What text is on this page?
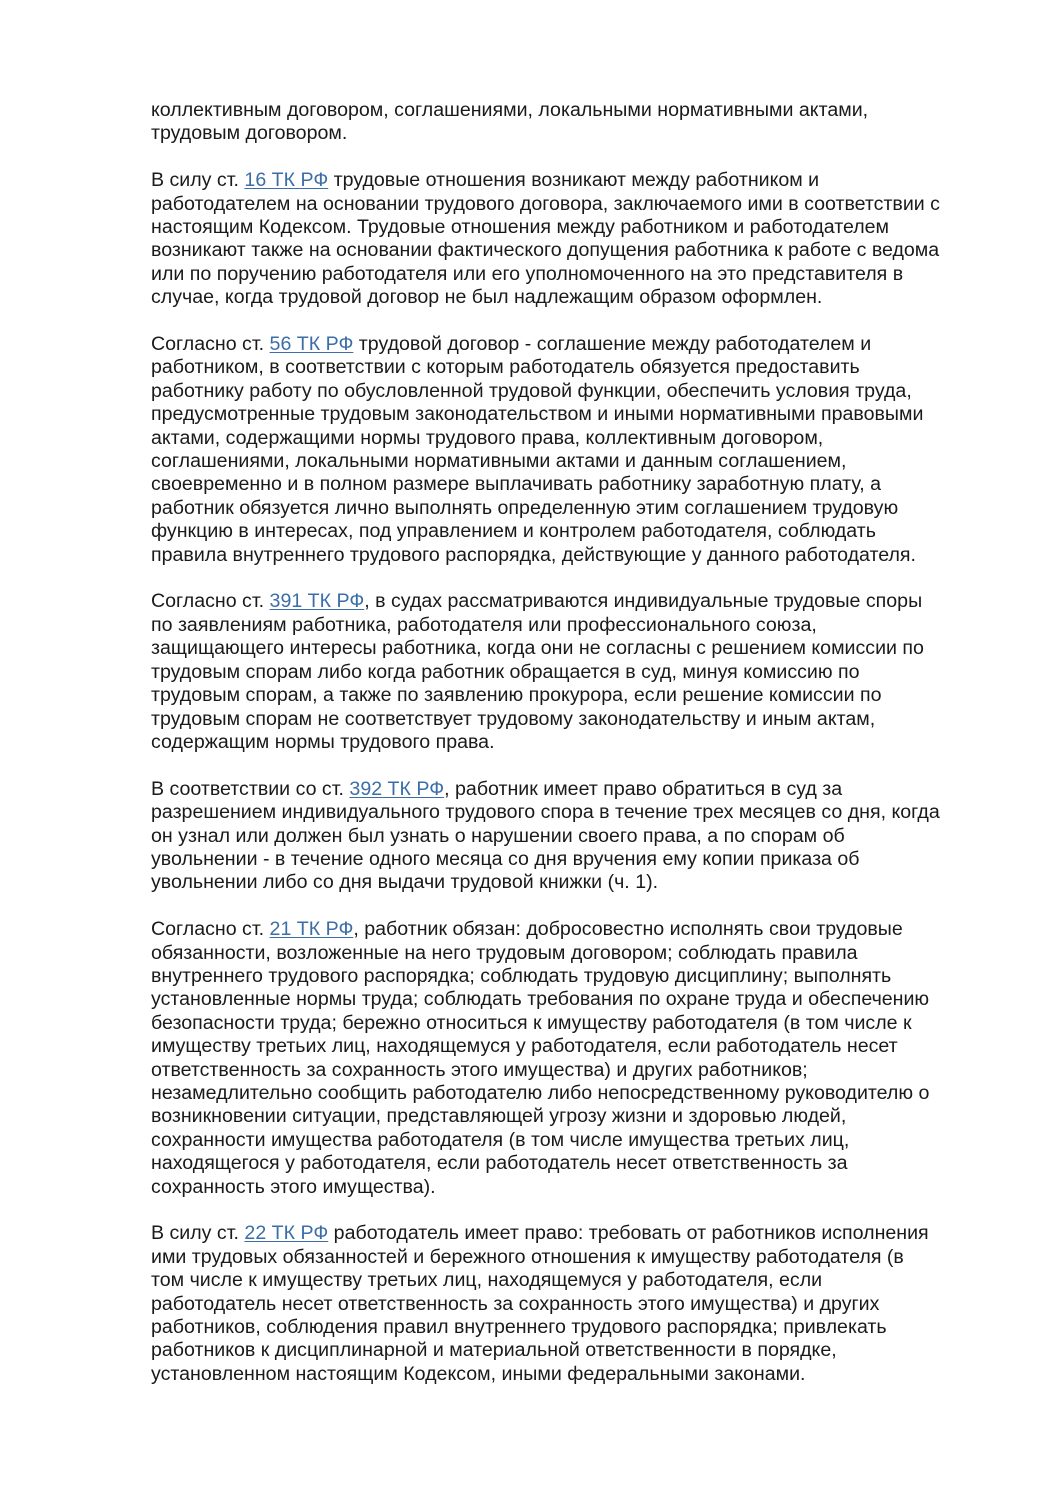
коллективным договором, соглашениями, локальными нормативными актами,
трудовым договором.

В силу ст. 16 ТК РФ трудовые отношения возникают между работником и
работодателем на основании трудового договора, заключаемого ими в соответствии с
настоящим Кодексом. Трудовые отношения между работником и работодателем
возникают также на основании фактического допущения работника к работе с ведома
или по поручению работодателя или его уполномоченного на это представителя в
случае, когда трудовой договор не был надлежащим образом оформлен.

Согласно ст. 56 ТК РФ трудовой договор - соглашение между работодателем и
работником, в соответствии с которым работодатель обязуется предоставить
работнику работу по обусловленной трудовой функции, обеспечить условия труда,
предусмотренные трудовым законодательством и иными нормативными правовыми
актами, содержащими нормы трудового права, коллективным договором,
соглашениями, локальными нормативными актами и данным соглашением,
своевременно и в полном размере выплачивать работнику заработную плату, а
работник обязуется лично выполнять определенную этим соглашением трудовую
функцию в интересах, под управлением и контролем работодателя, соблюдать
правила внутреннего трудового распорядка, действующие у данного работодателя.

Согласно ст. 391 ТК РФ, в судах рассматриваются индивидуальные трудовые споры
по заявлениям работника, работодателя или профессионального союза,
защищающего интересы работника, когда они не согласны с решением комиссии по
трудовым спорам либо когда работник обращается в суд, минуя комиссию по
трудовым спорам, а также по заявлению прокурора, если решение комиссии по
трудовым спорам не соответствует трудовому законодательству и иным актам,
содержащим нормы трудового права.

В соответствии со ст. 392 ТК РФ, работник имеет право обратиться в суд за
разрешением индивидуального трудового спора в течение трех месяцев со дня, когда
он узнал или должен был узнать о нарушении своего права, а по спорам об
увольнении - в течение одного месяца со дня вручения ему копии приказа об
увольнении либо со дня выдачи трудовой книжки (ч. 1).

Согласно ст. 21 ТК РФ, работник обязан: добросовестно исполнять свои трудовые
обязанности, возложенные на него трудовым договором; соблюдать правила
внутреннего трудового распорядка; соблюдать трудовую дисциплину; выполнять
установленные нормы труда; соблюдать требования по охране труда и обеспечению
безопасности труда; бережно относиться к имуществу работодателя (в том числе к
имуществу третьих лиц, находящемуся у работодателя, если работодатель несет
ответственность за сохранность этого имущества) и других работников;
незамедлительно сообщить работодателю либо непосредственному руководителю о
возникновении ситуации, представляющей угрозу жизни и здоровью людей,
сохранности имущества работодателя (в том числе имущества третьих лиц,
находящегося у работодателя, если работодатель несет ответственность за
сохранность этого имущества).

В силу ст. 22 ТК РФ работодатель имеет право: требовать от работников исполнения
ими трудовых обязанностей и бережного отношения к имуществу работодателя (в
том числе к имуществу третьих лиц, находящемуся у работодателя, если
работодатель несет ответственность за сохранность этого имущества) и других
работников, соблюдения правил внутреннего трудового распорядка; привлекать
работников к дисциплинарной и материальной ответственности в порядке,
установленном настоящим Кодексом, иными федеральными законами.
